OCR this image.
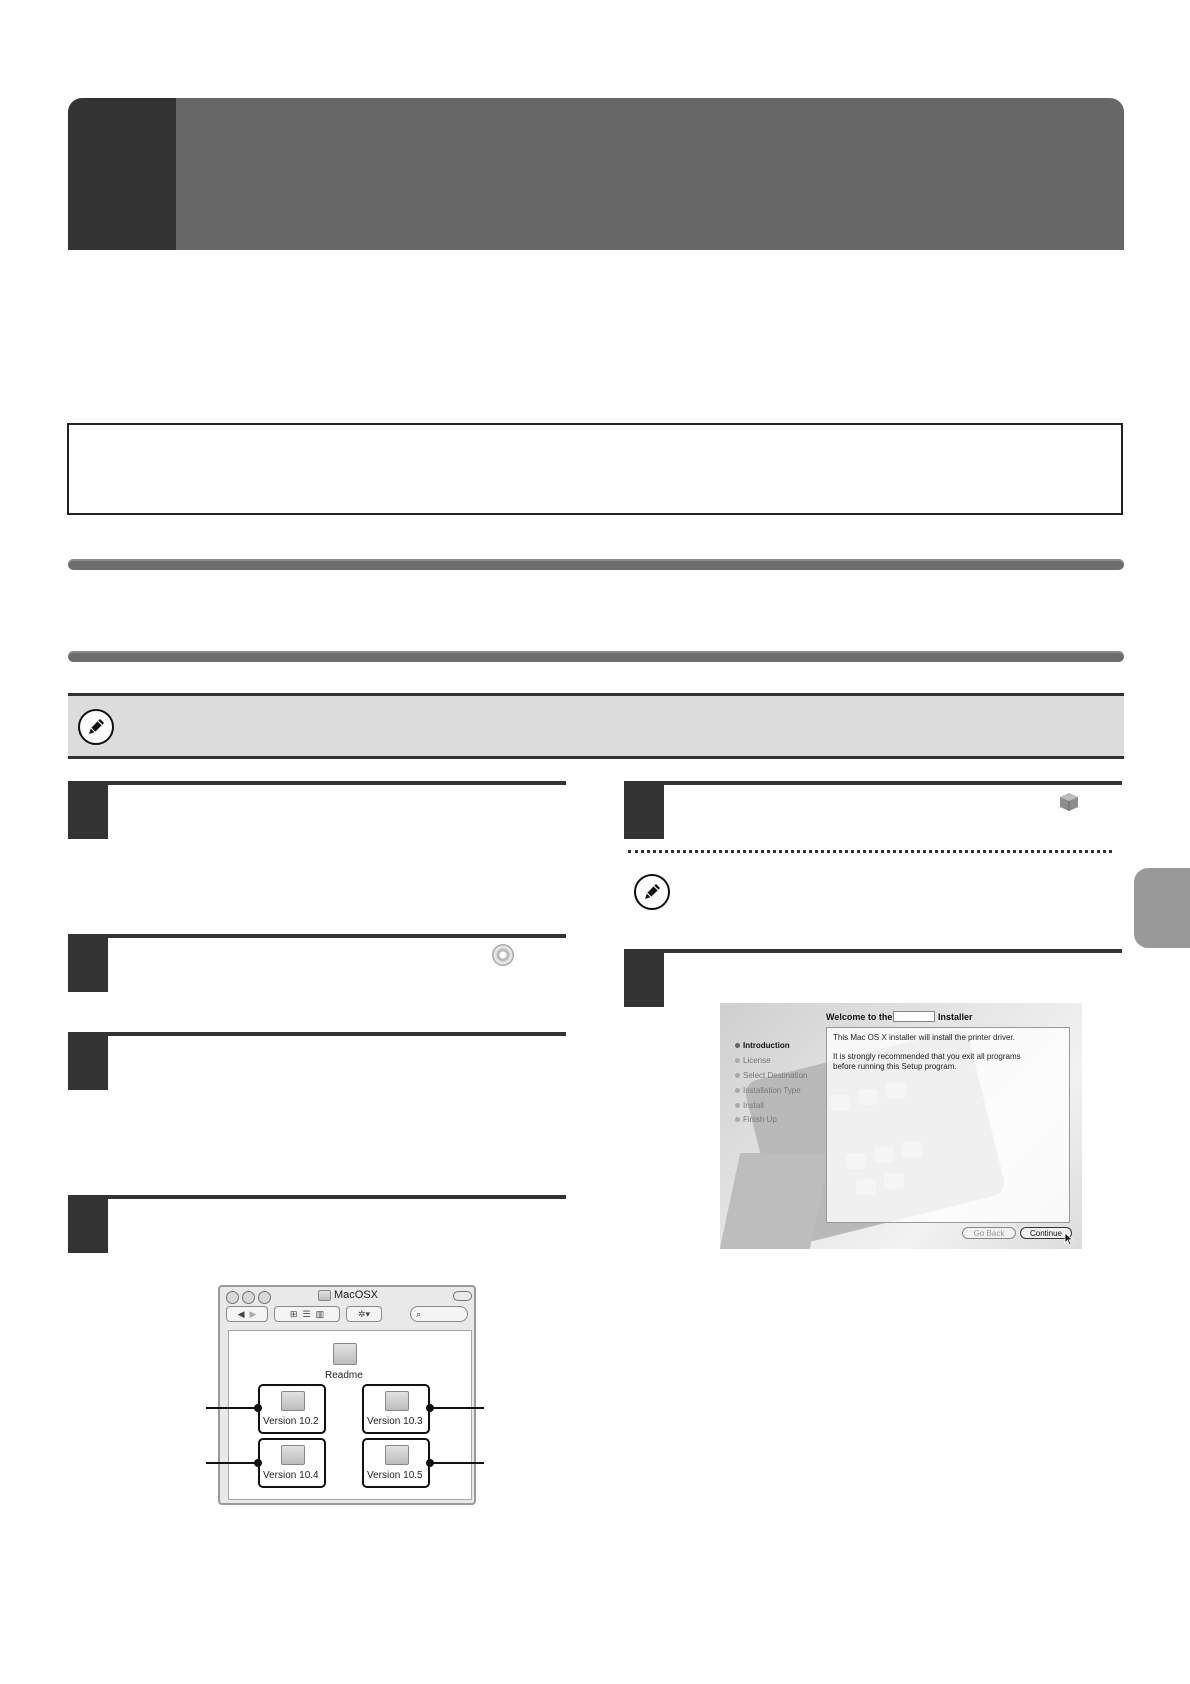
MacOSX
◀
▶	⊞
☰
▥	✲▾	⌕
Readme
Version 10.2	Version 10.3
Version 10.4	Version 10.5
Welcome to the	Installer
This Mac OS X installer will install the printer driver.
It is strongly recommended that you exit all programs before running this Setup program.
Introduction
License
Select Destination
Installation Type
Install
Finish Up
Go Back	Continue
